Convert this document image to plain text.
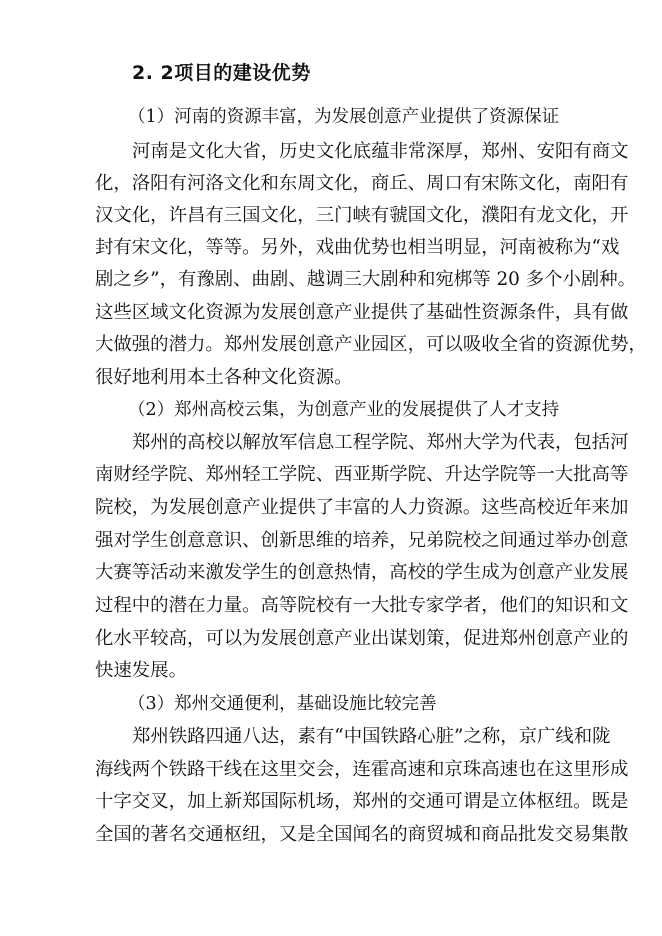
2. 2项目的建设优势
（1）河南的资源丰富，为发展创意产业提供了资源保证
河南是文化大省，历史文化底蕴非常深厚，郑州、安阳有商文
化，洛阳有河洛文化和东周文化，商丘、周口有宋陈文化，南阳有
汉文化，许昌有三国文化，三门峡有虢国文化，濮阳有龙文化，开
封有宋文化，等等。另外，戏曲优势也相当明显，河南被称为“戏
剧之乡”，有豫剧、曲剧、越调三大剧种和宛梆等 20 多个小剧种。
这些区域文化资源为发展创意产业提供了基础性资源条件，具有做
大做强的潜力。郑州发展创意产业园区，可以吸收全省的资源优势，
很好地利用本土各种文化资源。
（2）郑州高校云集，为创意产业的发展提供了人才支持
郑州的高校以解放军信息工程学院、郑州大学为代表，包括河
南财经学院、郑州轻工学院、西亚斯学院、升达学院等一大批高等
院校，为发展创意产业提供了丰富的人力资源。这些高校近年来加
强对学生创意意识、创新思维的培养，兄弟院校之间通过举办创意
大赛等活动来激发学生的创意热情，高校的学生成为创意产业发展
过程中的潜在力量。高等院校有一大批专家学者，他们的知识和文
化水平较高，可以为发展创意产业出谋划策，促进郑州创意产业的
快速发展。
（3）郑州交通便利，基础设施比较完善
郑州铁路四通八达，素有“中国铁路心脏”之称，京广线和陇
海线两个铁路干线在这里交会，连霍高速和京珠高速也在这里形成
十字交叉，加上新郑国际机场，郑州的交通可谓是立体枢纽。既是
全国的著名交通枢纽，又是全国闻名的商贸城和商品批发交易集散
